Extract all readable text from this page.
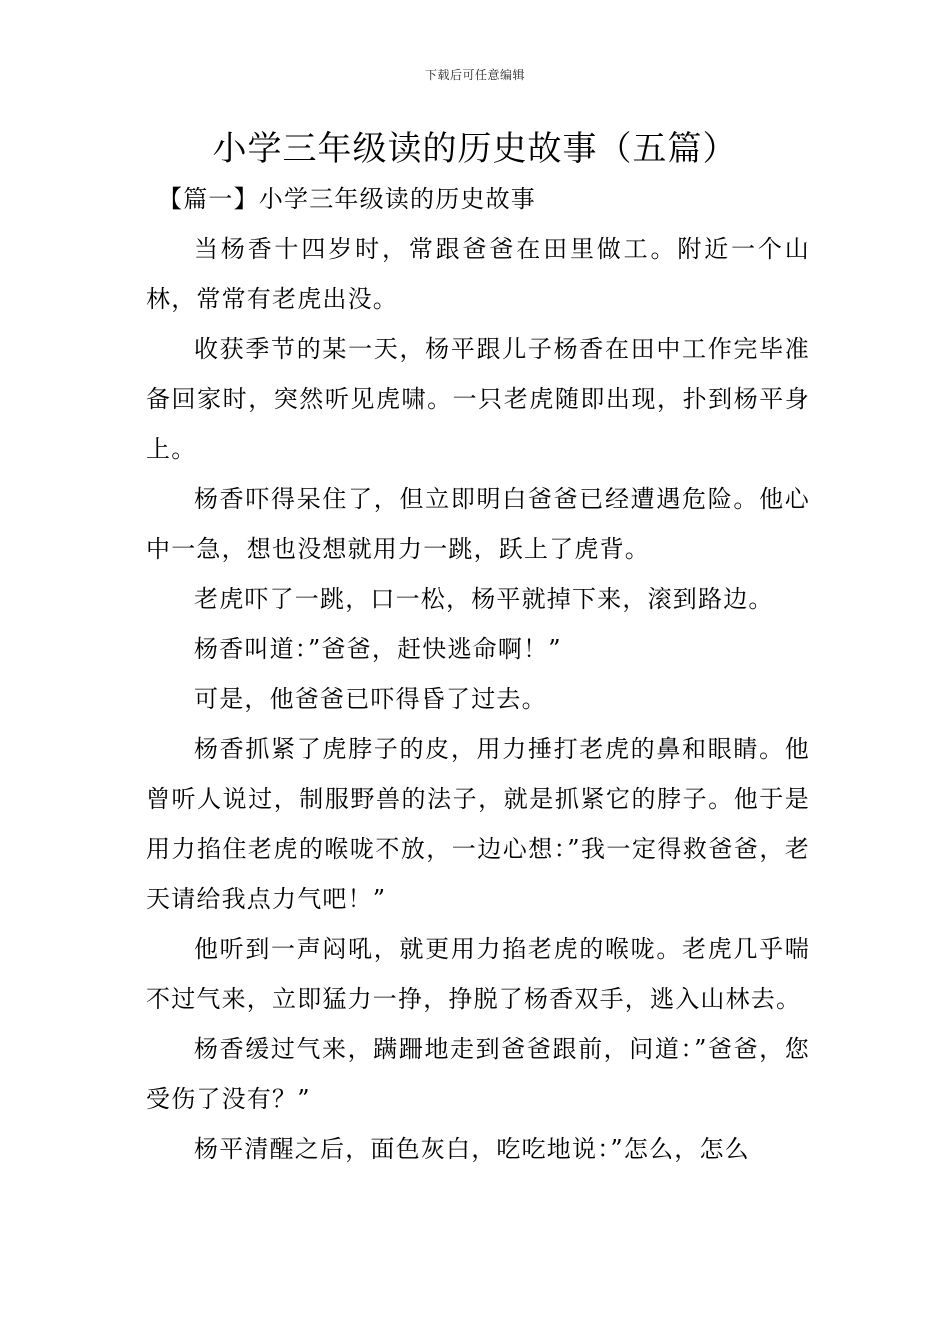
下载后可任意编辑
小学三年级读的历史故事（五篇）

【篇一】小学三年级读的历史故事

当杨香十四岁时，常跟爸爸在田里做工。附近一个山林，常常有老虎出没。

收获季节的某一天，杨平跟儿子杨香在田中工作完毕准备回家时，突然听见虎啸。一只老虎随即出现，扑到杨平身上。

杨香吓得呆住了，但立即明白爸爸已经遭遇危险。他心中一急，想也没想就用力一跳，跃上了虎背。

老虎吓了一跳，口一松，杨平就掉下来，滚到路边。

杨香叫道：”爸爸，赶快逃命啊！”

可是，他爸爸已吓得昏了过去。

杨香抓紧了虎脖子的皮，用力捶打老虎的鼻和眼睛。他曾听人说过，制服野兽的法子，就是抓紧它的脖子。他于是用力掐住老虎的喉咙不放，一边心想：”我一定得救爸爸，老天请给我点力气吧！”

他听到一声闷吼，就更用力掐老虎的喉咙。老虎几乎喘不过气来，立即猛力一挣，挣脱了杨香双手，逃入山林去。

杨香缓过气来，蹒跚地走到爸爸跟前，问道：”爸爸，您受伤了没有？”

杨平清醒之后，面色灰白，吃吃地说：”怎么，怎么
